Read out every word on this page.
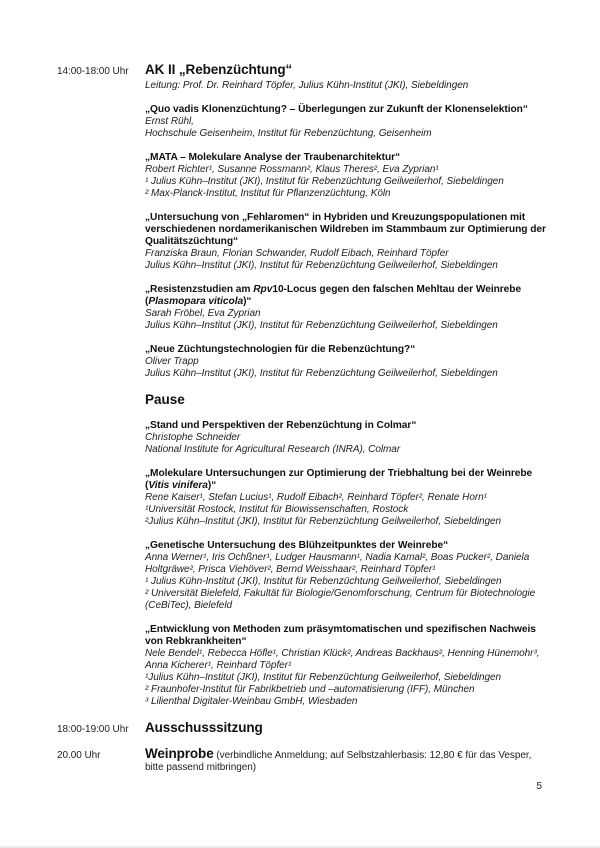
14:00-18:00 Uhr	AK II „Rebenzüchtung“
Leitung: Prof. Dr. Reinhard Töpfer, Julius Kühn-Institut (JKI), Siebeldingen
„Quo vadis Klonenzüchtung? – Überlegungen zur Zukunft der Klonenselektion“
Ernst Rühl,
Hochschule Geisenheim, Institut für Rebenzüchtung, Geisenheim
„MATA – Molekulare Analyse der Traubenarchitektur“
Robert Richter¹, Susanne Rossmann², Klaus Theres², Eva Zyprian¹
¹ Julius Kühn–Institut (JKI), Institut für Rebenzüchtung Geilweilerhof, Siebeldingen
² Max-Planck-Institut, Institut für Pflanzenzüchtung, Köln
„Untersuchung von „Fehlaromen“ in Hybriden und Kreuzungspopulationen mit verschiedenen nordamerikanischen Wildreben im Stammbaum zur Optimierung der Qualitätszüchtung“
Franziska Braun, Florian Schwander, Rudolf Eibach, Reinhard Töpfer
Julius Kühn–Institut (JKI), Institut für Rebenzüchtung Geilweilerhof, Siebeldingen
„Resistenzstudien am Rpv10-Locus gegen den falschen Mehltau der Weinrebe (Plasmopara viticola)“
Sarah Fröbel, Eva Zyprian
Julius Kühn–Institut (JKI), Institut für Rebenzüchtung Geilweilerhof, Siebeldingen
„Neue Züchtungstechnologien für die Rebenzüchtung?“
Oliver Trapp
Julius Kühn–Institut (JKI), Institut für Rebenzüchtung Geilweilerhof, Siebeldingen
Pause
„Stand und Perspektiven der Rebenzüchtung in Colmar“
Christophe Schneider
National Institute for Agricultural Research (INRA), Colmar
„Molekulare Untersuchungen zur Optimierung der Triebhaltung bei der Weinrebe (Vitis vinifera)“
Rene Kaiser¹, Stefan Lucius¹, Rudolf Eibach², Reinhard Töpfer², Renate Horn¹
¹Universität Rostock, Institut für Biowissenschaften, Rostock
²Julius Kühn–Institut (JKI), Institut für Rebenzüchtung Geilweilerhof, Siebeldingen
„Genetische Untersuchung des Blühzeitpunktes der Weinrebe“
Anna Werner¹, Iris Ochßner¹, Ludger Hausmann¹, Nadia Kamal², Boas Pucker², Daniela Holtgräwe², Prisca Viehöver², Bernd Weisshaar², Reinhard Töpfer¹
¹ Julius Kühn-Institut (JKI), Institut für Rebenzüchtung Geilweilerhof, Siebeldingen
² Universität Bielefeld, Fakultät für Biologie/Genomforschung, Centrum für Biotechnologie (CeBiTec), Bielefeld
„Entwicklung von Methoden zum präsymtomatischen und spezifischen Nachweis von Rebkrankheiten“
Nele Bendel¹, Rebecca Höfle¹, Christian Klück², Andreas Backhaus², Henning Hünemohr³, Anna Kicherer¹, Reinhard Töpfer¹
¹Julius Kühn–Institut (JKI), Institut für Rebenzüchtung Geilweilerhof, Siebeldingen
² Fraunhofer-Institut für Fabrikbetrieb und –automatisierung (IFF), München
³ Lilienthal Digitaler-Weinbau GmbH, Wiesbaden
18:00-19:00 Uhr	Ausschusssitzung
20.00 Uhr	Weinprobe (verbindliche Anmeldung; auf Selbstzahlerbasis: 12,80 € für das Vesper, bitte passend mitbringen)
5
